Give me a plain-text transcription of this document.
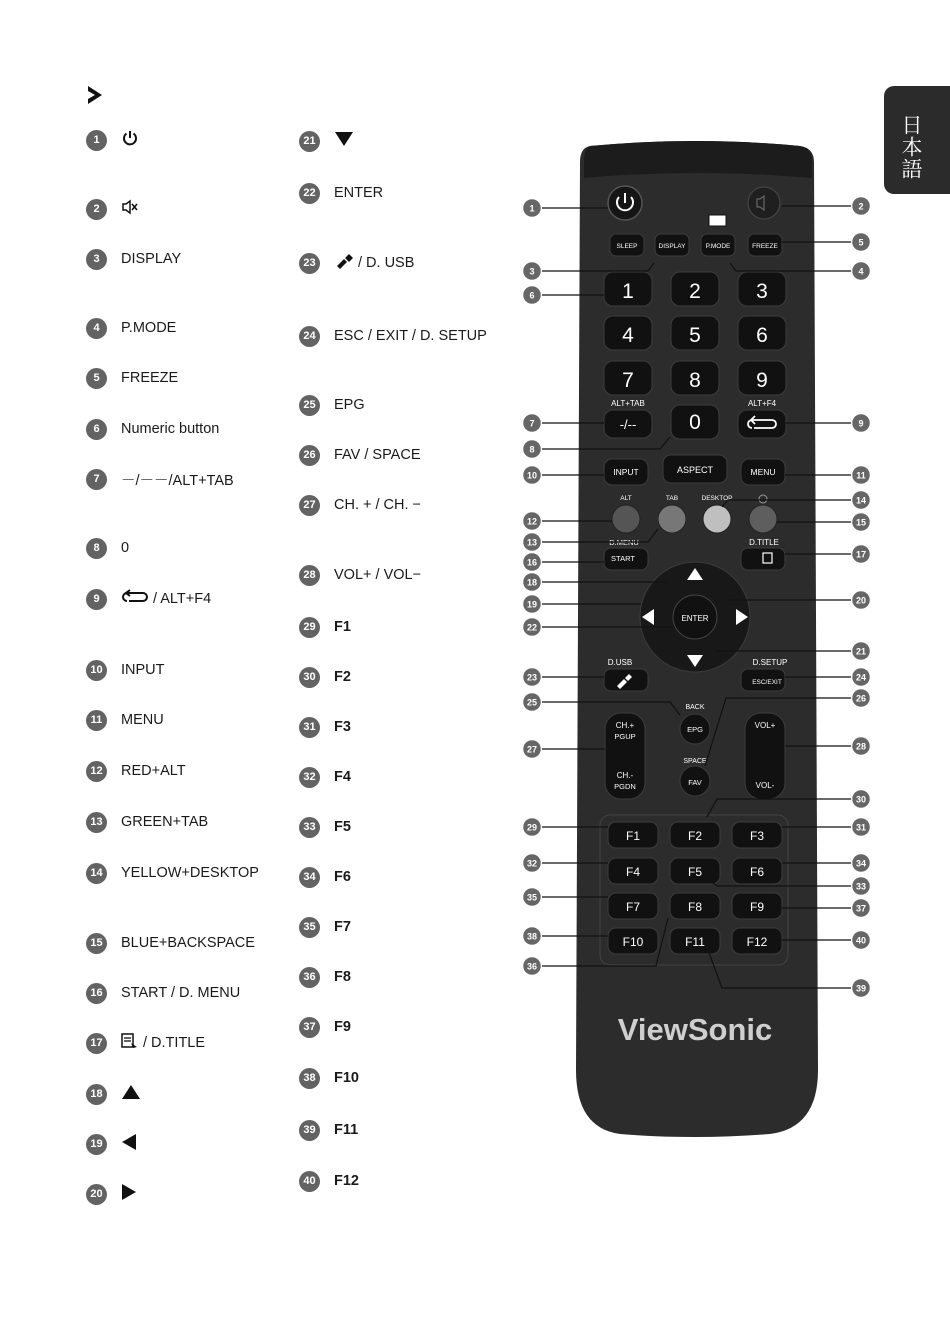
日本語
1
2
3	DISPLAY
4	P.MODE
5	FREEZE
6	Numeric button
7	－/－－/ALT+TAB
8	0
9	/ ALT+F4
10	INPUT
11	MENU
12	RED+ALT
13	GREEN+TAB
14	YELLOW+DESKTOP
15	BLUE+BACKSPACE
16	START / D. MENU
17	/ D.TITLE
18
19
20
21
22	ENTER
23	/ D. USB
24	ESC / EXIT / D. SETUP
25	EPG
26	FAV / SPACE
27	CH. + / CH. −
28	VOL+ / VOL−
29	F1
30	F2
31	F3
32	F4
33	F5
34	F6
35	F7
36	F8
37	F9
38	F10
39	F11
40	F12
SLEEP	DISPLAY	P.MODE	FREEZE
1	2	3
4	5	6
7	8	9
ALT+TAB	ALT+F4
-/--	0
INPUT	ASPECT	MENU
ALT	TAB	DESKTOP
D.MENU
START
D.TITLE
ENTER
D.USB	D.SETUP
ESC/EXIT
BACK
CH.+
PGUP
CH.-
PGDN
EPG
SPACE
FAV
VOL+
VOL-
F1	F2	F3
F4	F5	F6
F7	F8	F9
F10	F11	F12
ViewSonic
1	2
3	4
5
6
7
8
9
10	11
12
13
14
15
16
17
18
19	20
21
22
23	24
25	26
27	28
29
30
31
32
33
34
35
36
37
38
39
40
